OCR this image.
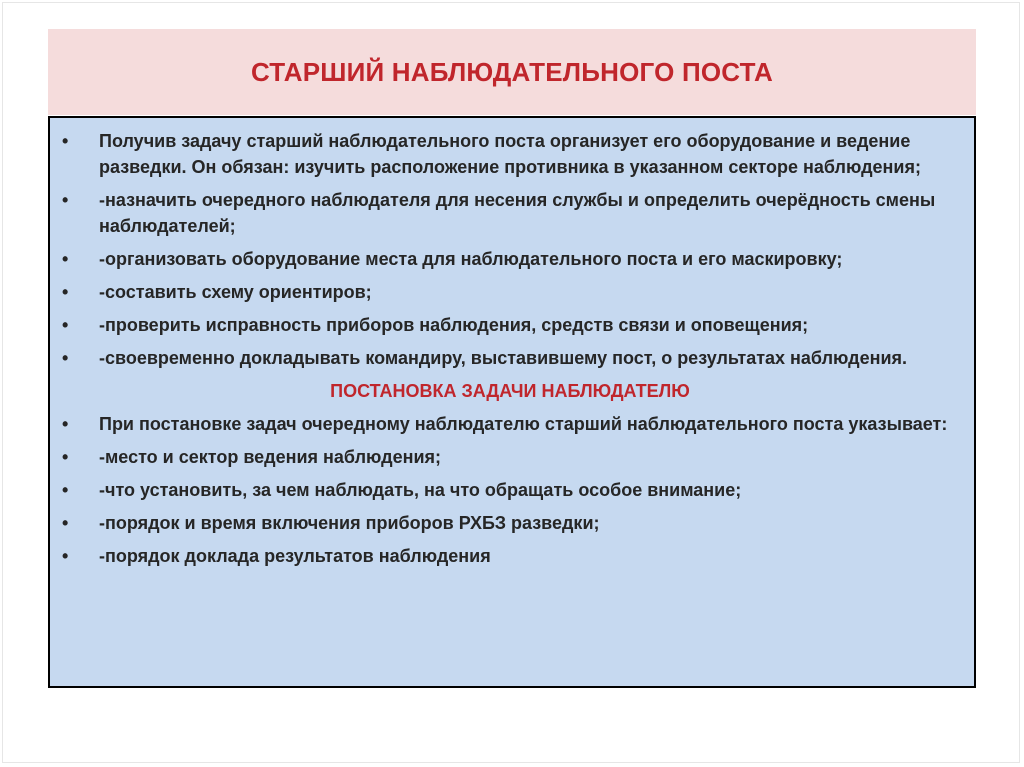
СТАРШИЙ НАБЛЮДАТЕЛЬНОГО ПОСТА
•	Получив задачу старший наблюдательного поста организует его оборудование и ведение разведки. Он обязан: изучить расположение противника в указанном секторе наблюдения;
•	-назначить очередного наблюдателя для несения службы и определить очерёдность смены наблюдателей;
•	-организовать оборудование места для наблюдательного поста и его маскировку;
•	-составить схему ориентиров;
•	-проверить исправность приборов наблюдения, средств связи и оповещения;
•	-своевременно докладывать командиру, выставившему пост, о результатах наблюдения.
ПОСТАНОВКА ЗАДАЧИ НАБЛЮДАТЕЛЮ
•	При постановке задач очередному наблюдателю старший наблюдательного поста указывает:
•	-место и сектор ведения наблюдения;
•	-что установить, за чем наблюдать, на что обращать особое внимание;
•	-порядок и время включения приборов РХБЗ разведки;
•	-порядок доклада результатов наблюдения
